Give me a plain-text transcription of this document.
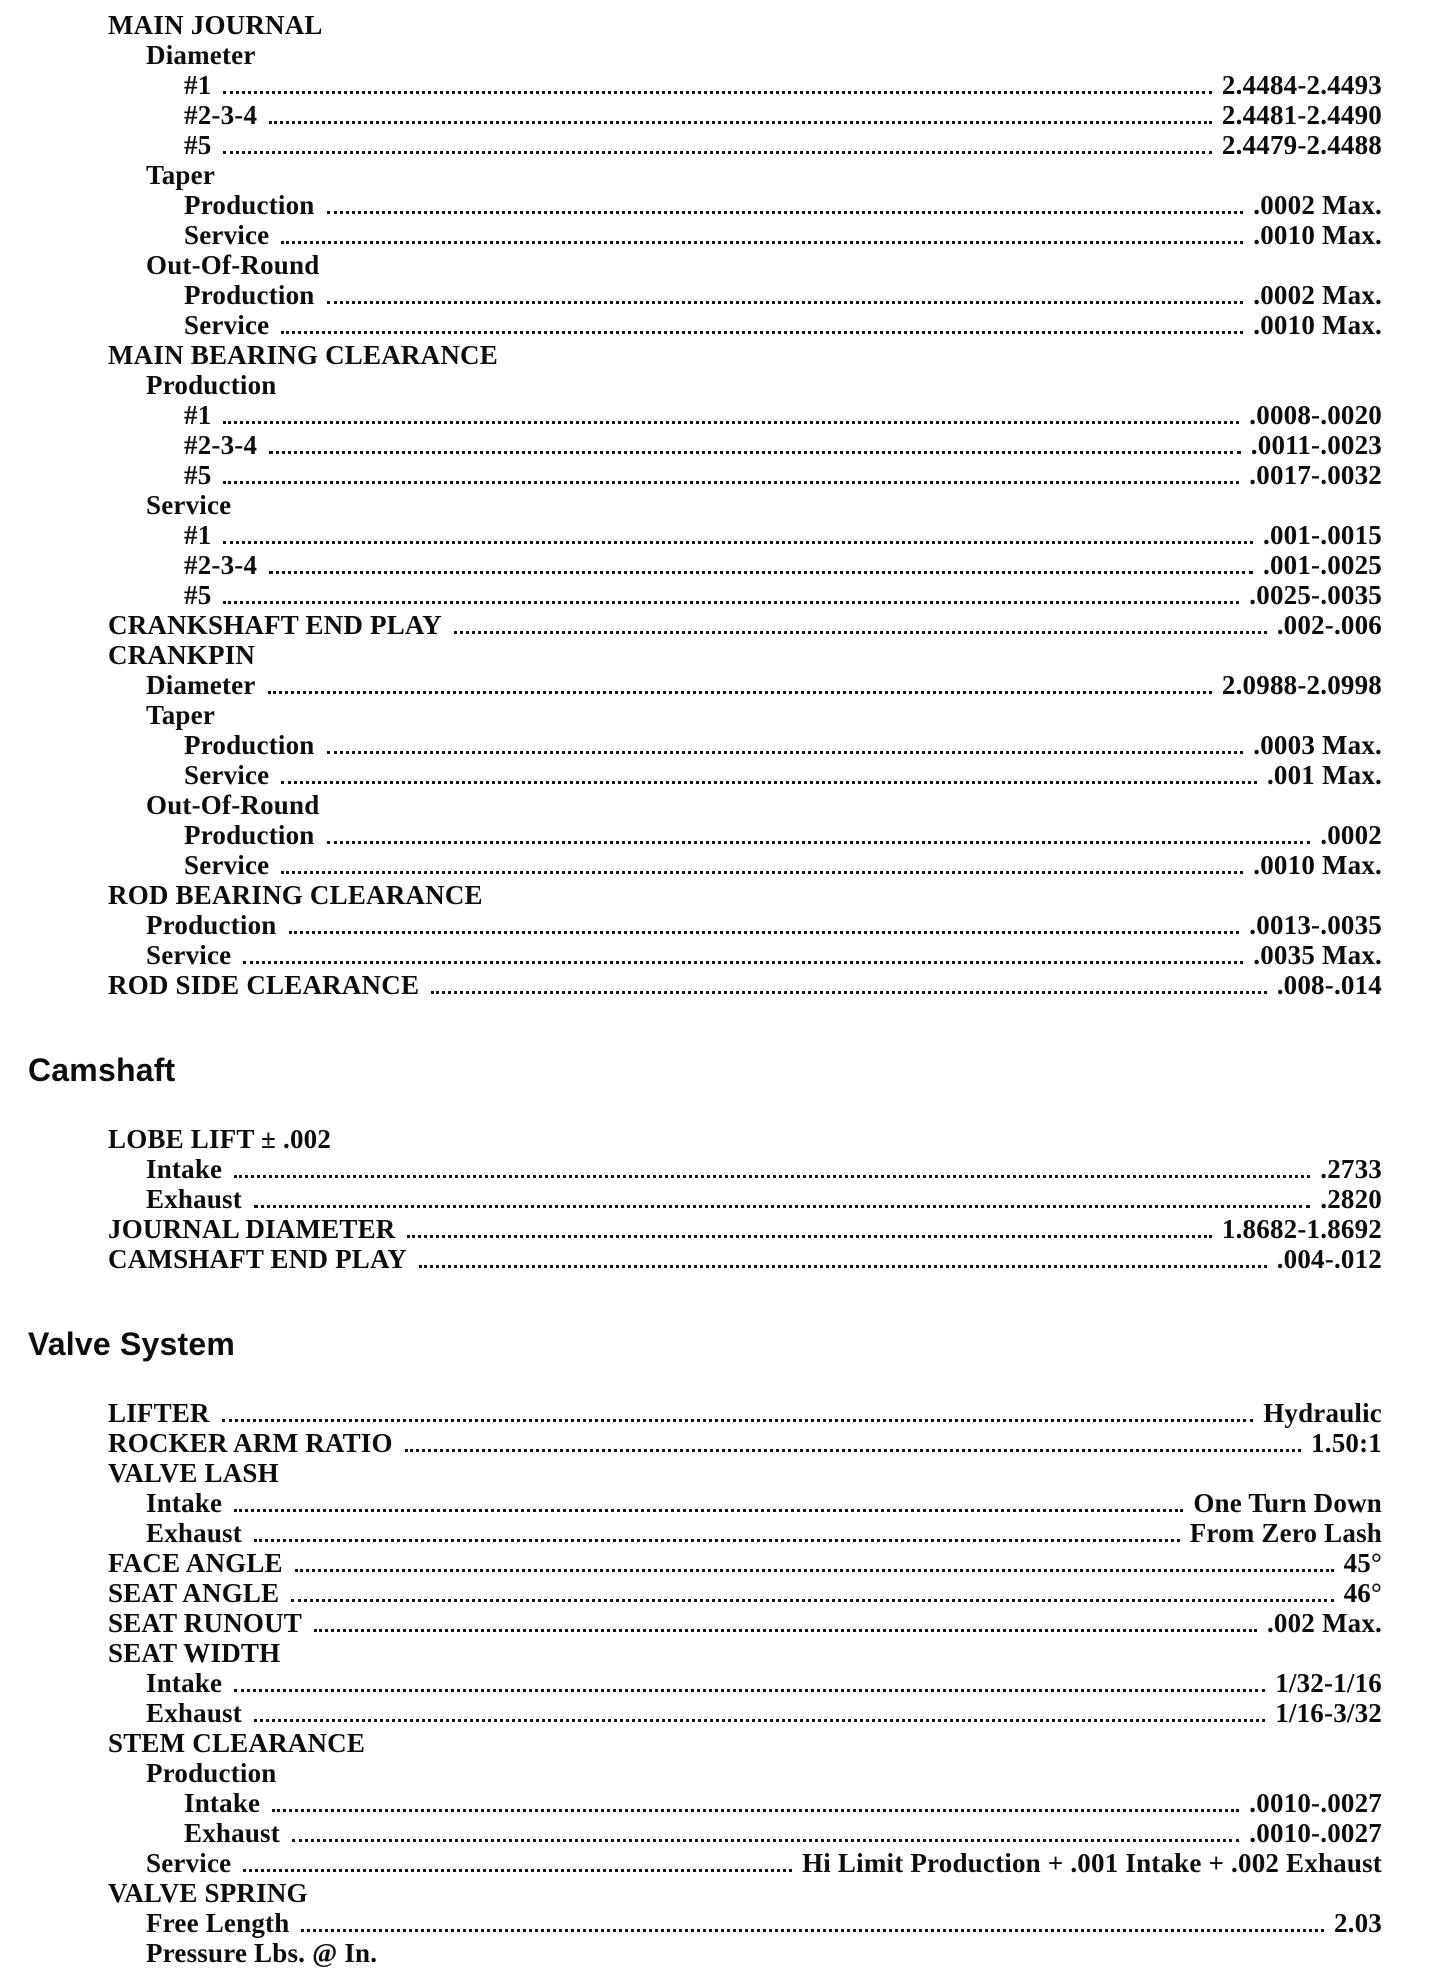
MAIN JOURNAL
Diameter
#1	2.4484-2.4493
#2-3-4	2.4481-2.4490
#5	2.4479-2.4488
Taper
Production	.0002 Max.
Service	.0010 Max.
Out-Of-Round
Production	.0002 Max.
Service	.0010 Max.
MAIN BEARING CLEARANCE
Production
#1	.0008-.0020
#2-3-4	.0011-.0023
#5	.0017-.0032
Service
#1	.001-.0015
#2-3-4	.001-.0025
#5	.0025-.0035
CRANKSHAFT END PLAY	.002-.006
CRANKPIN
Diameter	2.0988-2.0998
Taper
Production	.0003 Max.
Service	.001 Max.
Out-Of-Round
Production	.0002
Service	.0010 Max.
ROD BEARING CLEARANCE
Production	.0013-.0035
Service	.0035 Max.
ROD SIDE CLEARANCE	.008-.014
Camshaft
LOBE LIFT ± .002
Intake	.2733
Exhaust	.2820
JOURNAL DIAMETER	1.8682-1.8692
CAMSHAFT END PLAY	.004-.012
Valve System
LIFTER	Hydraulic
ROCKER ARM RATIO	1.50:1
VALVE LASH
Intake	One Turn Down
Exhaust	From Zero Lash
FACE ANGLE	45°
SEAT ANGLE	46°
SEAT RUNOUT	.002 Max.
SEAT WIDTH
Intake	1/32-1/16
Exhaust	1/16-3/32
STEM CLEARANCE
Production
Intake	.0010-.0027
Exhaust	.0010-.0027
Service	Hi Limit Production + .001 Intake + .002 Exhaust
VALVE SPRING
Free Length	2.03
Pressure Lbs. @ In.
